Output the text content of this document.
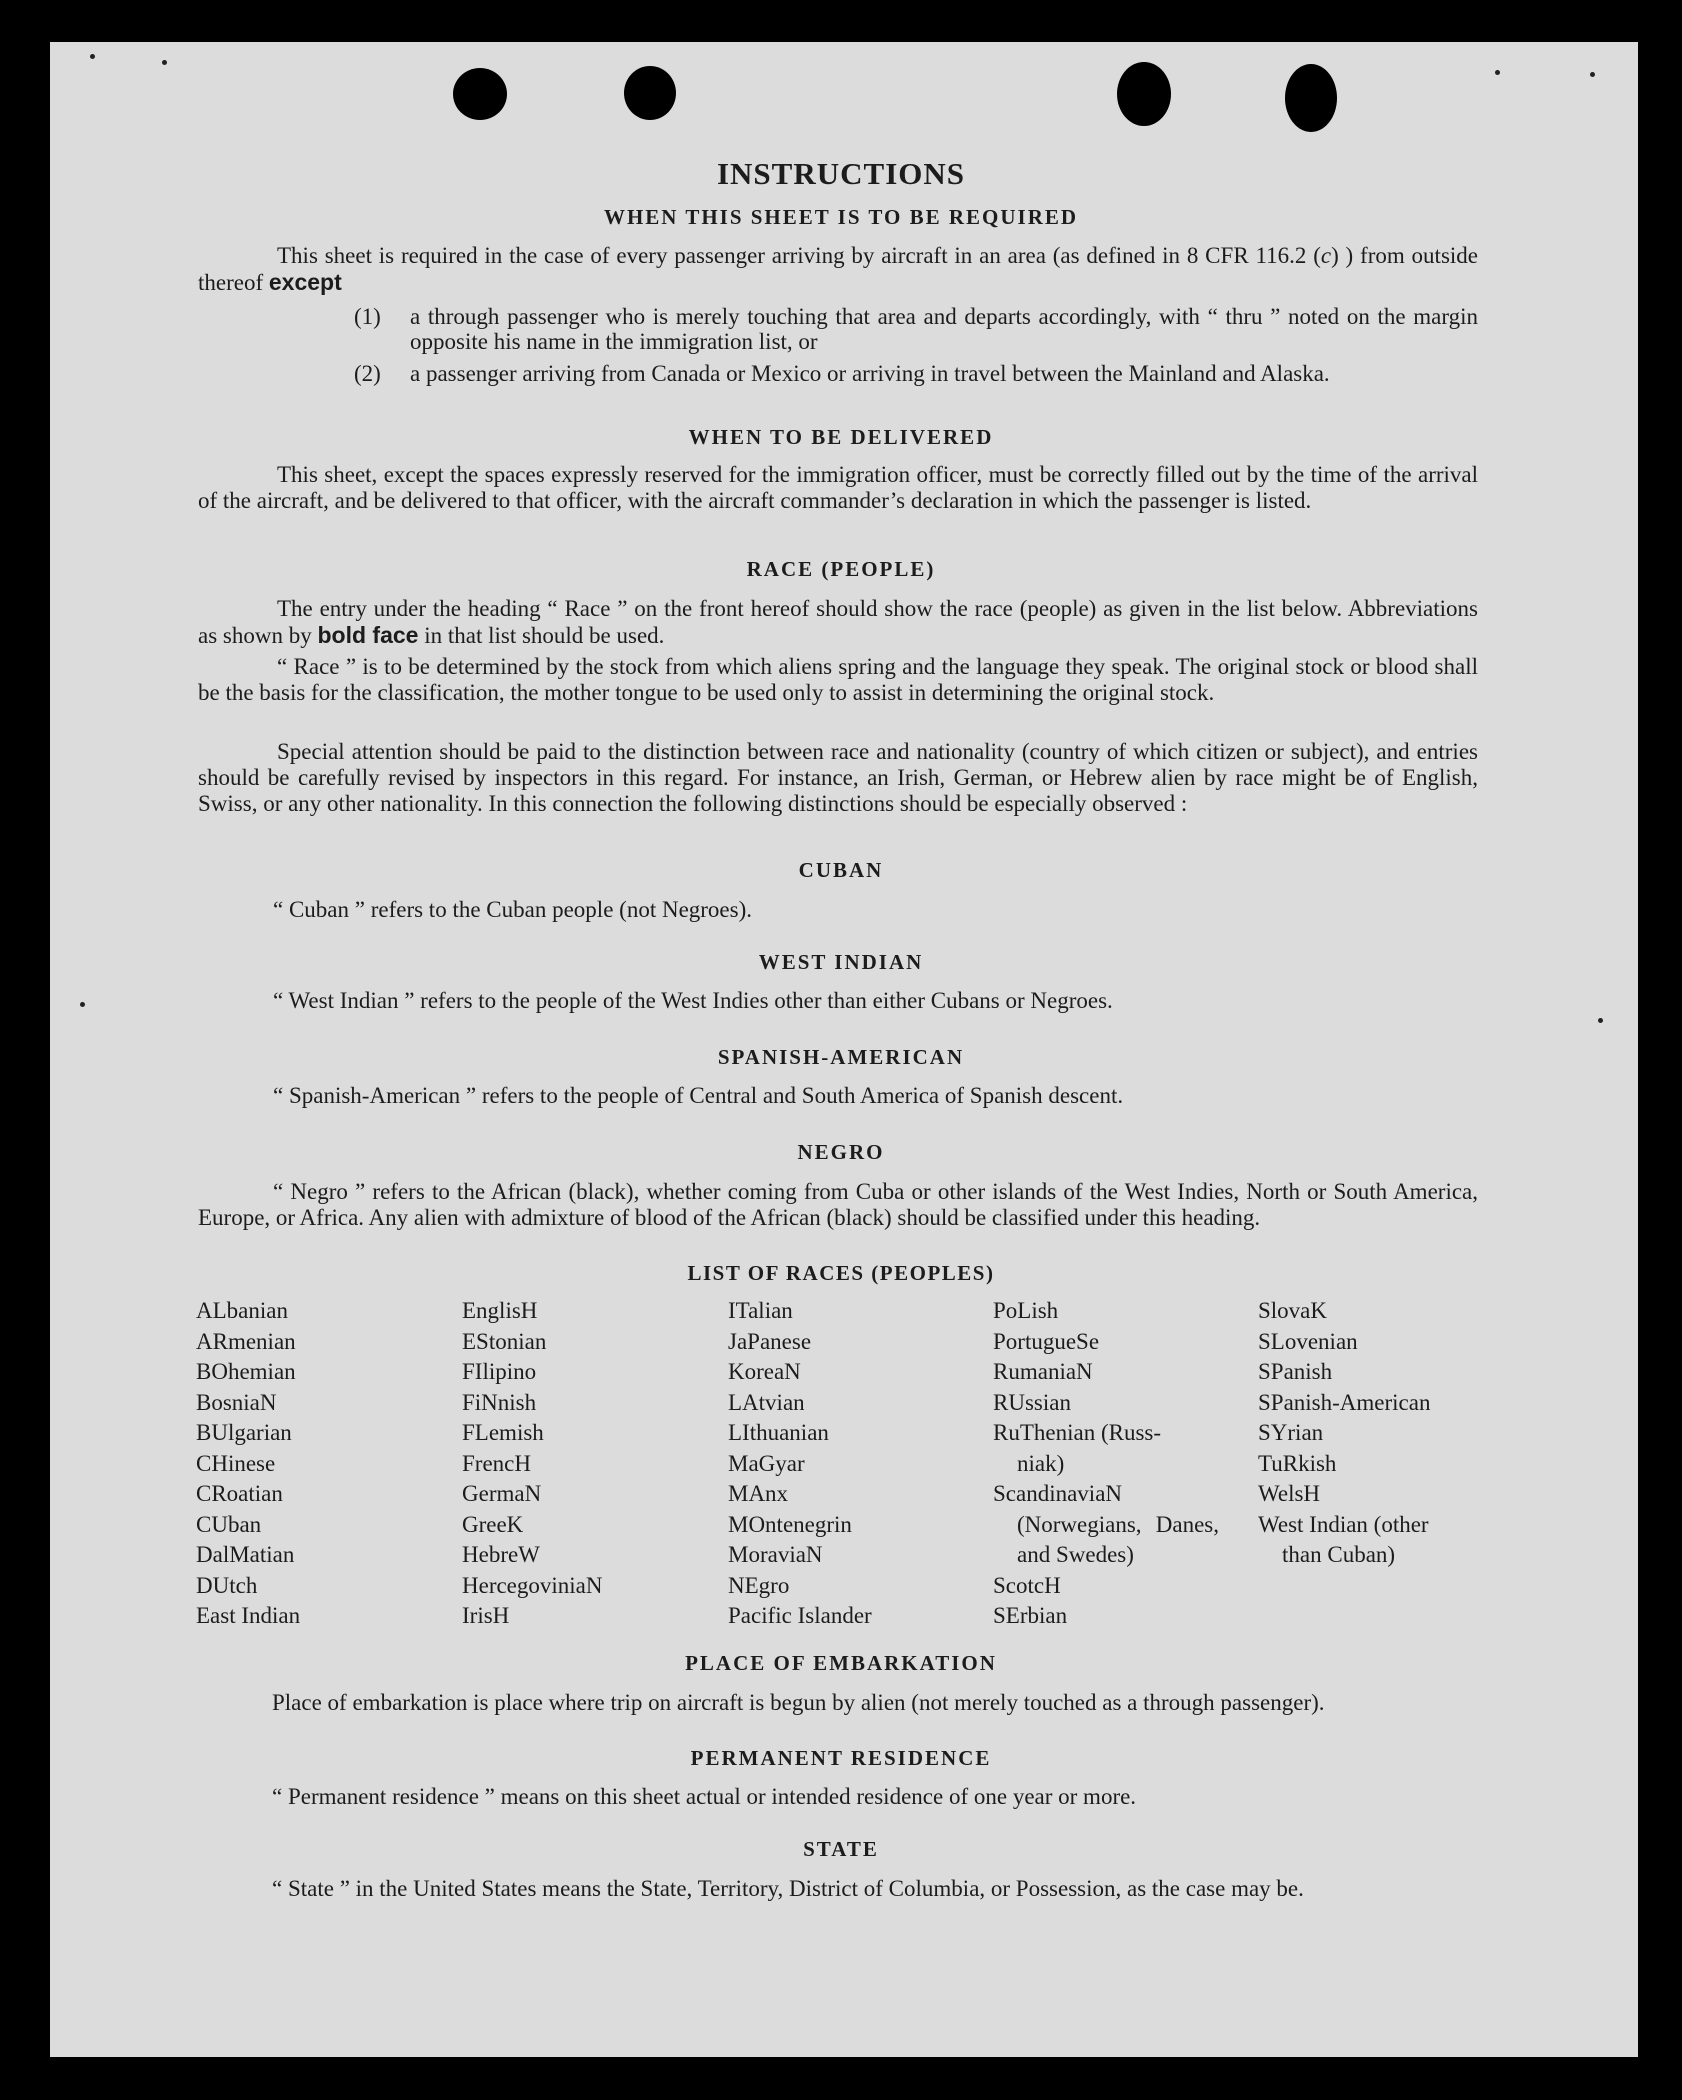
INSTRUCTIONS
WHEN THIS SHEET IS TO BE REQUIRED
This sheet is required in the case of every passenger arriving by aircraft in an area (as defined in 8 CFR 116.2 (c) ) from outside thereof except
(1) a through passenger who is merely touching that area and departs accordingly, with “ thru ” noted on the margin opposite his name in the immigration list, or
(2) a passenger arriving from Canada or Mexico or arriving in travel between the Mainland and Alaska.
WHEN TO BE DELIVERED
This sheet, except the spaces expressly reserved for the immigration officer, must be correctly filled out by the time of the arrival of the aircraft, and be delivered to that officer, with the aircraft commander’s declaration in which the passenger is listed.
RACE (PEOPLE)
The entry under the heading “ Race ” on the front hereof should show the race (people) as given in the list below. Abbreviations as shown by bold face in that list should be used.
“ Race ” is to be determined by the stock from which aliens spring and the language they speak. The original stock or blood shall be the basis for the classification, the mother tongue to be used only to assist in determining the original stock.
Special attention should be paid to the distinction between race and nationality (country of which citizen or subject), and entries should be carefully revised by inspectors in this regard. For instance, an Irish, German, or Hebrew alien by race might be of English, Swiss, or any other nationality. In this connection the following distinctions should be especially observed :
CUBAN
“ Cuban ” refers to the Cuban people (not Negroes).
WEST INDIAN
“ West Indian ” refers to the people of the West Indies other than either Cubans or Negroes.
SPANISH-AMERICAN
“ Spanish-American ” refers to the people of Central and South America of Spanish descent.
NEGRO
“ Negro ” refers to the African (black), whether coming from Cuba or other islands of the West Indies, North or South America, Europe, or Africa. Any alien with admixture of blood of the African (black) should be classified under this heading.
LIST OF RACES (PEOPLES)
ALbanian
ARmenian
BOhemian
BosniaN
BUlgarian
CHinese
CRoatian
CUban
DalMatian
DUtch
East Indian
EnglisH
EStonian
FIlipino
FiNnish
FLemish
FrencH
GermaN
GreeK
HebreW
HercegoviniaN
IrisH
ITalian
JaPanese
KoreaN
LAtvian
LIthuanian
MaGyar
MAnx
MOntenegrin
MoraviaN
NEgro
Pacific Islander
PoLish
PortugueSe
RumaniaN
RUssian
RuThenian (Russ-
niak)
ScandinaviaN (Norwegians, Danes, and Swedes)
ScotcH
SErbian
SlovaK
SLovenian
SPanish
SPanish-American
SYrian
TuRkish
WelsH
West Indian (other
than Cuban)
PLACE OF EMBARKATION
Place of embarkation is place where trip on aircraft is begun by alien (not merely touched as a through passenger).
PERMANENT RESIDENCE
“ Permanent residence ” means on this sheet actual or intended residence of one year or more.
STATE
“ State ” in the United States means the State, Territory, District of Columbia, or Possession, as the case may be.
